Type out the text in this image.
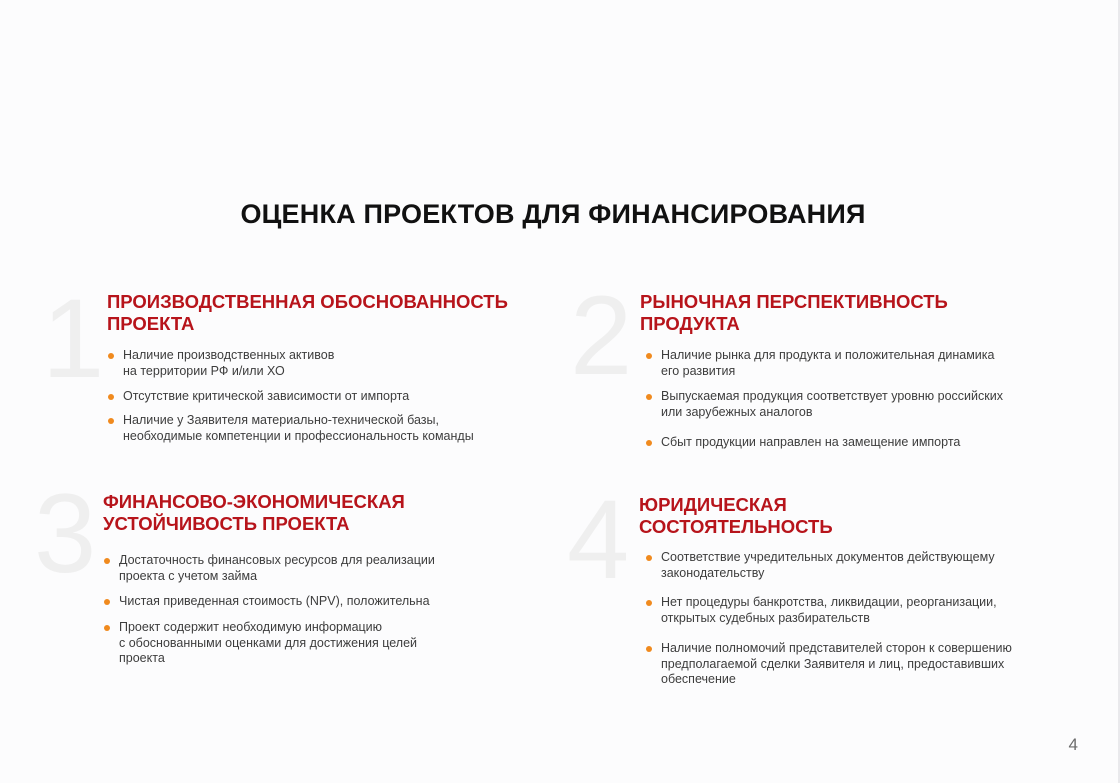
ОЦЕНКА ПРОЕКТОВ ДЛЯ ФИНАНСИРОВАНИЯ
1 ПРОИЗВОДСТВЕННАЯ ОБОСНОВАННОСТЬ
ПРОЕКТА
Наличие производственных активов
на территории РФ и/или ХО
Отсутствие критической зависимости от импорта
Наличие у Заявителя материально-технической базы,
необходимые компетенции и профессиональность команды
2 РЫНОЧНАЯ ПЕРСПЕКТИВНОСТЬ
ПРОДУКТА
Наличие рынка для продукта и положительная динамика
его развития
Выпускаемая продукция соответствует уровню российских
или зарубежных аналогов
Сбыт продукции направлен на замещение импорта
3 ФИНАНСОВО-ЭКОНОМИЧЕСКАЯ
УСТОЙЧИВОСТЬ ПРОЕКТА
Достаточность финансовых ресурсов для реализации
проекта с учетом займа
Чистая приведенная стоимость (NPV), положительна
Проект содержит необходимую информацию
с обоснованными оценками для достижения целей
проекта
4 ЮРИДИЧЕСКАЯ
СОСТОЯТЕЛЬНОСТЬ
Соответствие учредительных документов действующему
законодательству
Нет процедуры банкротства, ликвидации, реорганизации,
открытых судебных разбирательств
Наличие полномочий представителей сторон к совершению
предполагаемой сделки Заявителя и лиц, предоставивших
обеспечение
4
